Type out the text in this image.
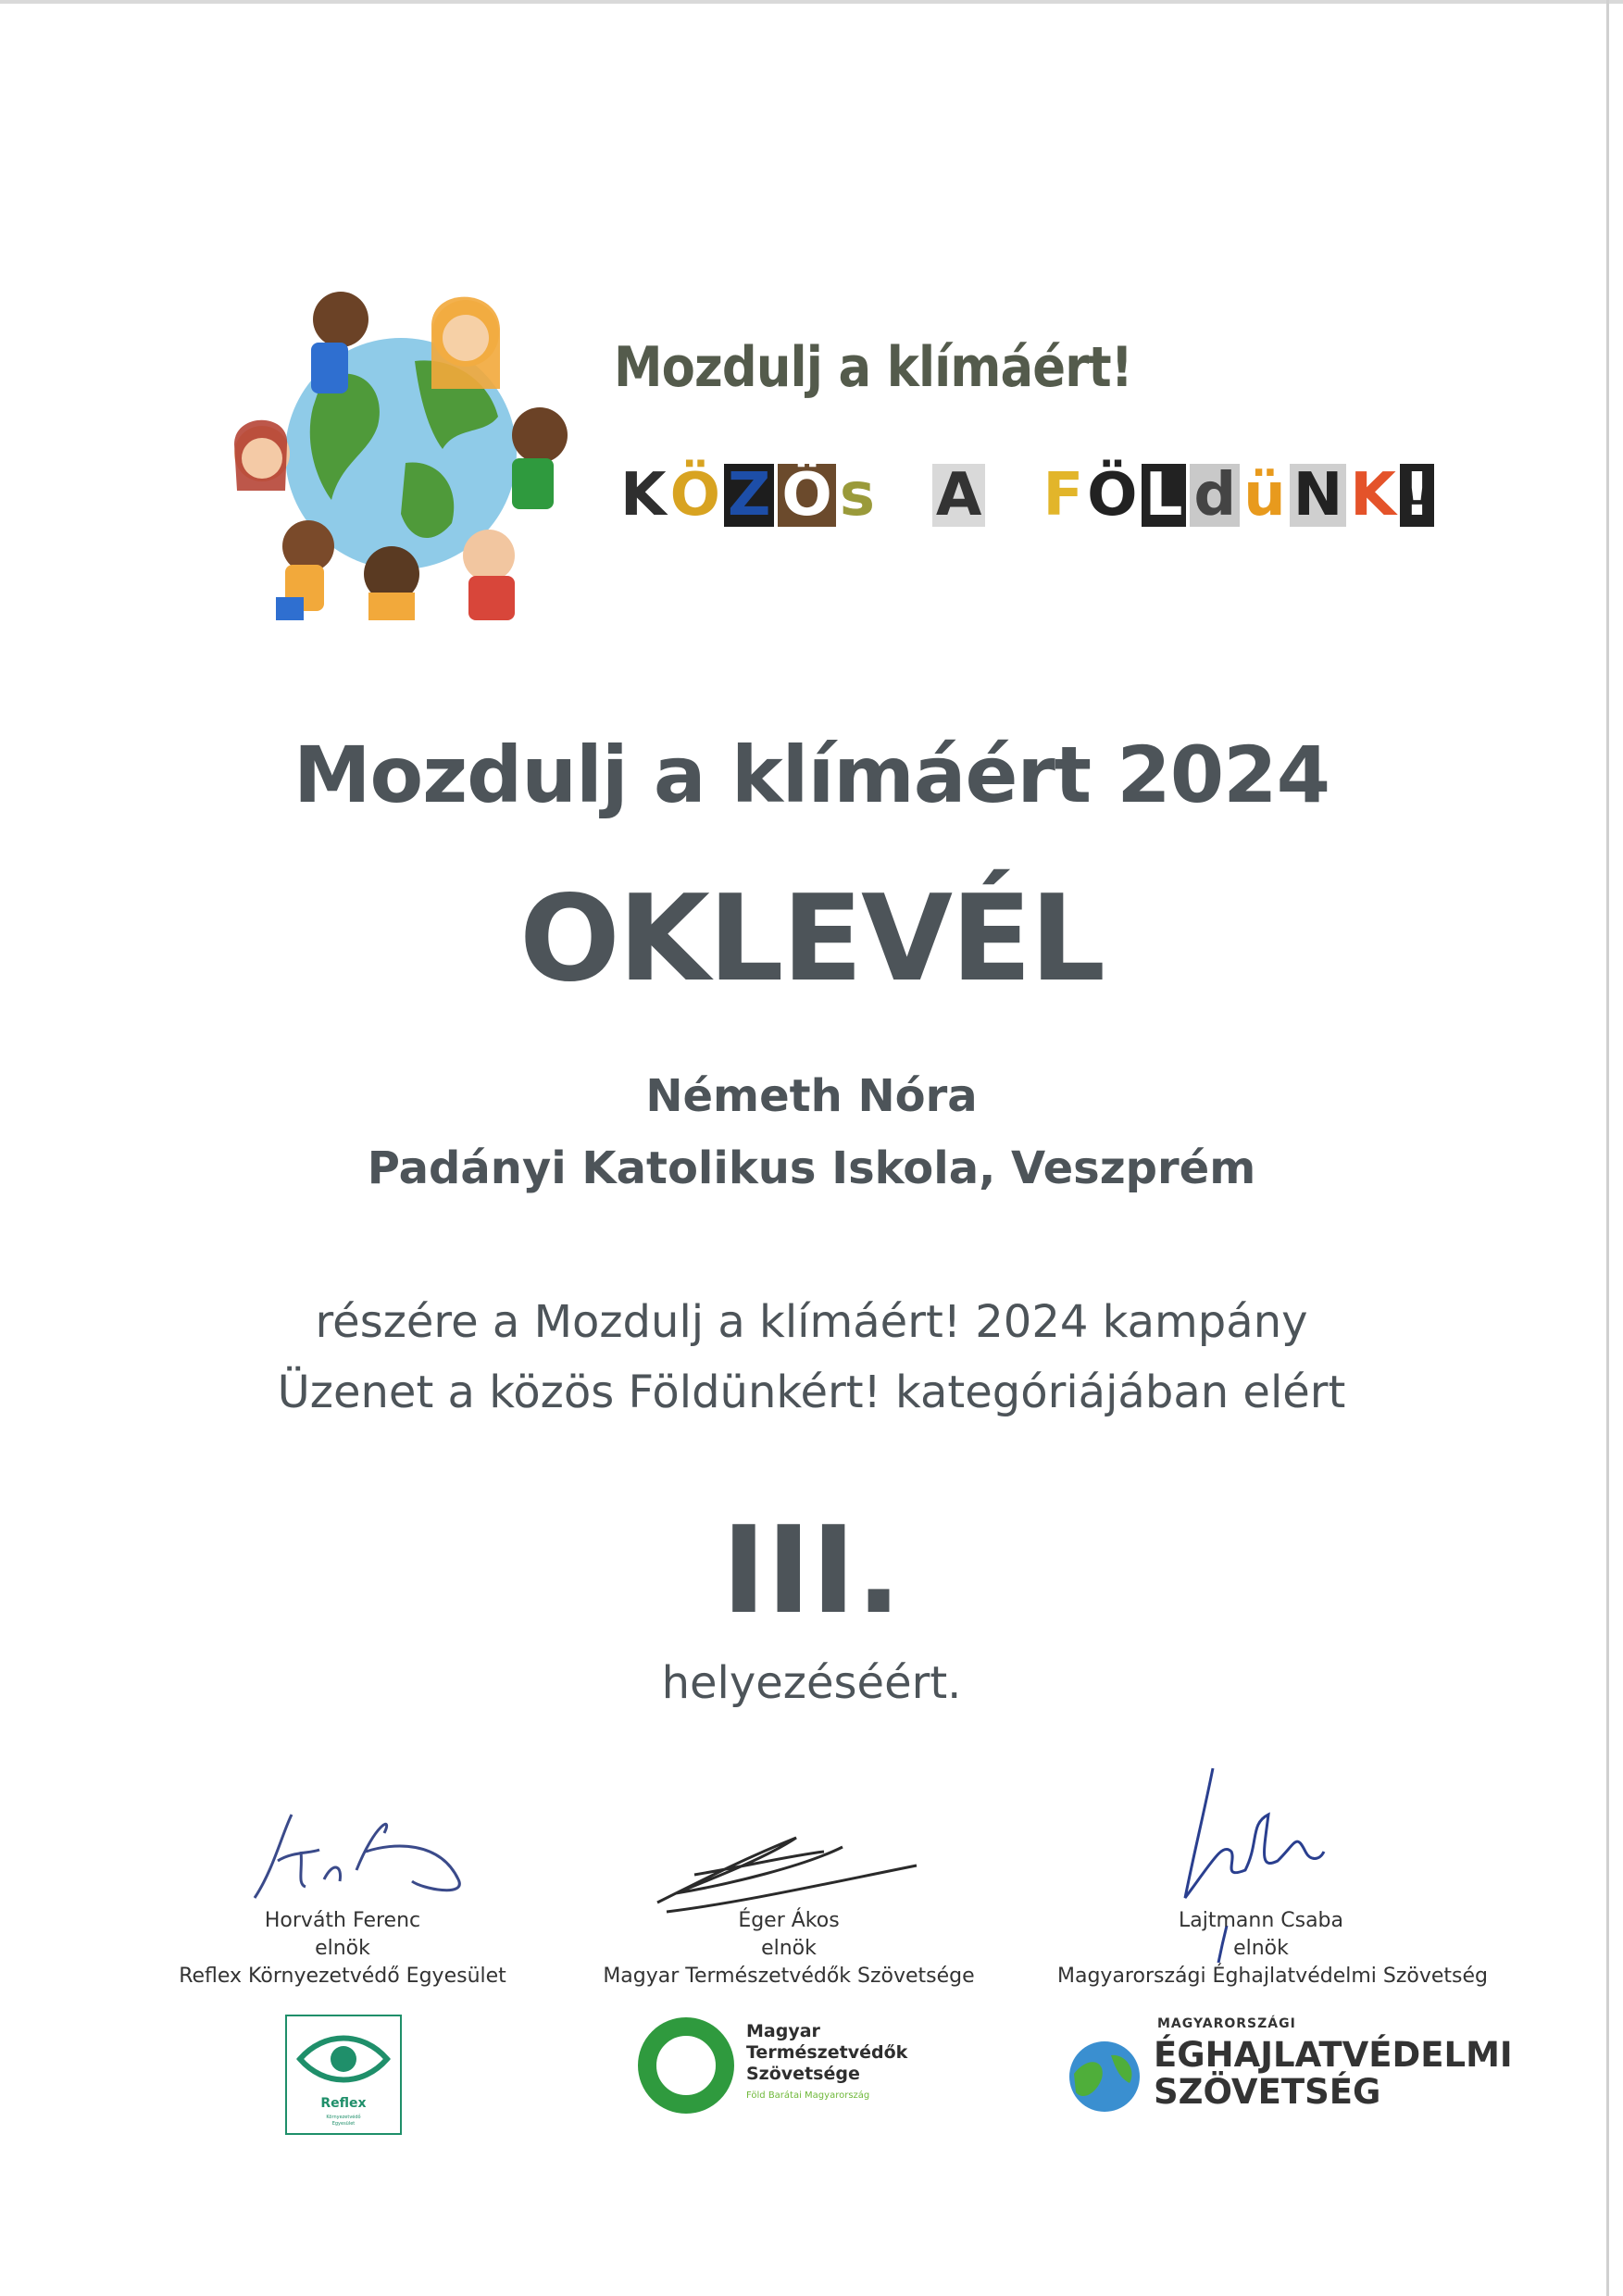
Mozdulj a klímáért!
K Ö Z Ö s A F Ö L d ü N K !
Mozdulj a klímáért 2024
OKLEVÉL
Németh Nóra
Padányi Katolikus Iskola, Veszprém
részére a Mozdulj a klímáért! 2024 kampány
Üzenet a közös Földünkért! kategóriájában elért
III.
helyezéséért.
Horváth Ferenc
elnök
Reflex Környezetvédő Egyesület
Éger Ákos
elnök
Magyar Természetvédők Szövetsége
Lajtmann Csaba
elnök
Magyarországi Éghajlatvédelmi Szövetség
Reflex
Környezetvédő
Egyesület
Magyar
Természetvédők
Szövetsége
Föld Barátai Magyarország
MAGYARORSZÁGI
ÉGHAJLATVÉDELMI
SZÖVETSÉG
